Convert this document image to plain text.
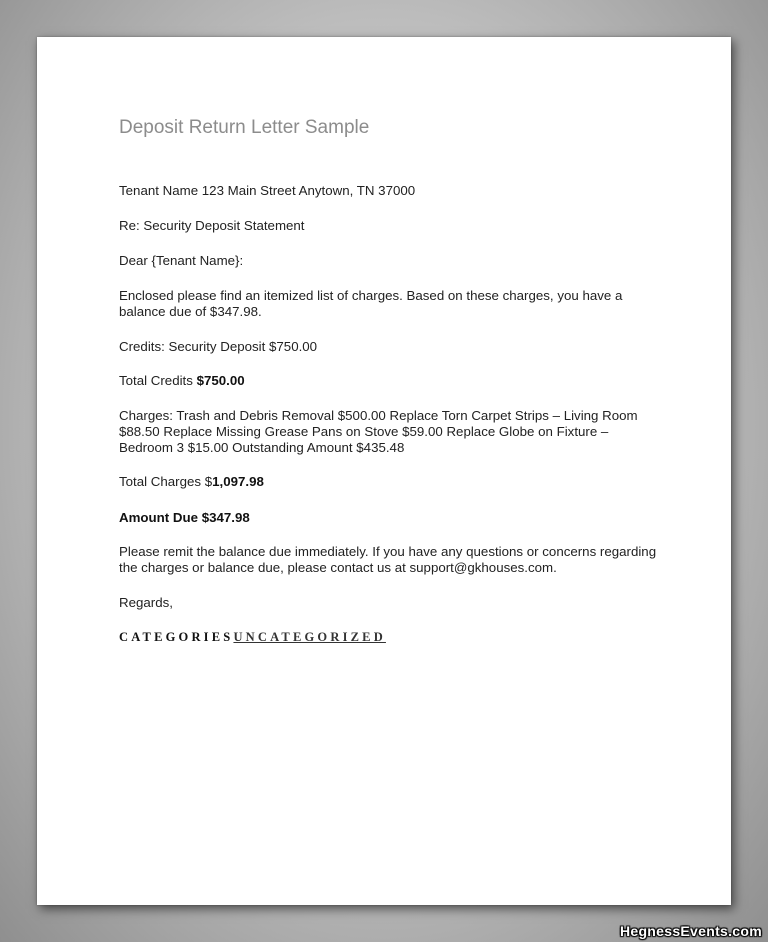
Deposit Return Letter Sample
Tenant Name 123 Main Street Anytown, TN 37000
Re: Security Deposit Statement
Dear {Tenant Name}:
Enclosed please find an itemized list of charges. Based on these charges, you have a balance due of $347.98.
Credits: Security Deposit $750.00
Total Credits $750.00
Charges: Trash and Debris Removal $500.00 Replace Torn Carpet Strips – Living Room $88.50 Replace Missing Grease Pans on Stove $59.00 Replace Globe on Fixture – Bedroom 3 $15.00 Outstanding Amount $435.48
Total Charges $1,097.98
Amount Due $347.98
Please remit the balance due immediately. If you have any questions or concerns regarding the charges or balance due, please contact us at support@gkhouses.com.
Regards,
CATEGORIESUNCATEGORIZED
HegnessEvents.com
